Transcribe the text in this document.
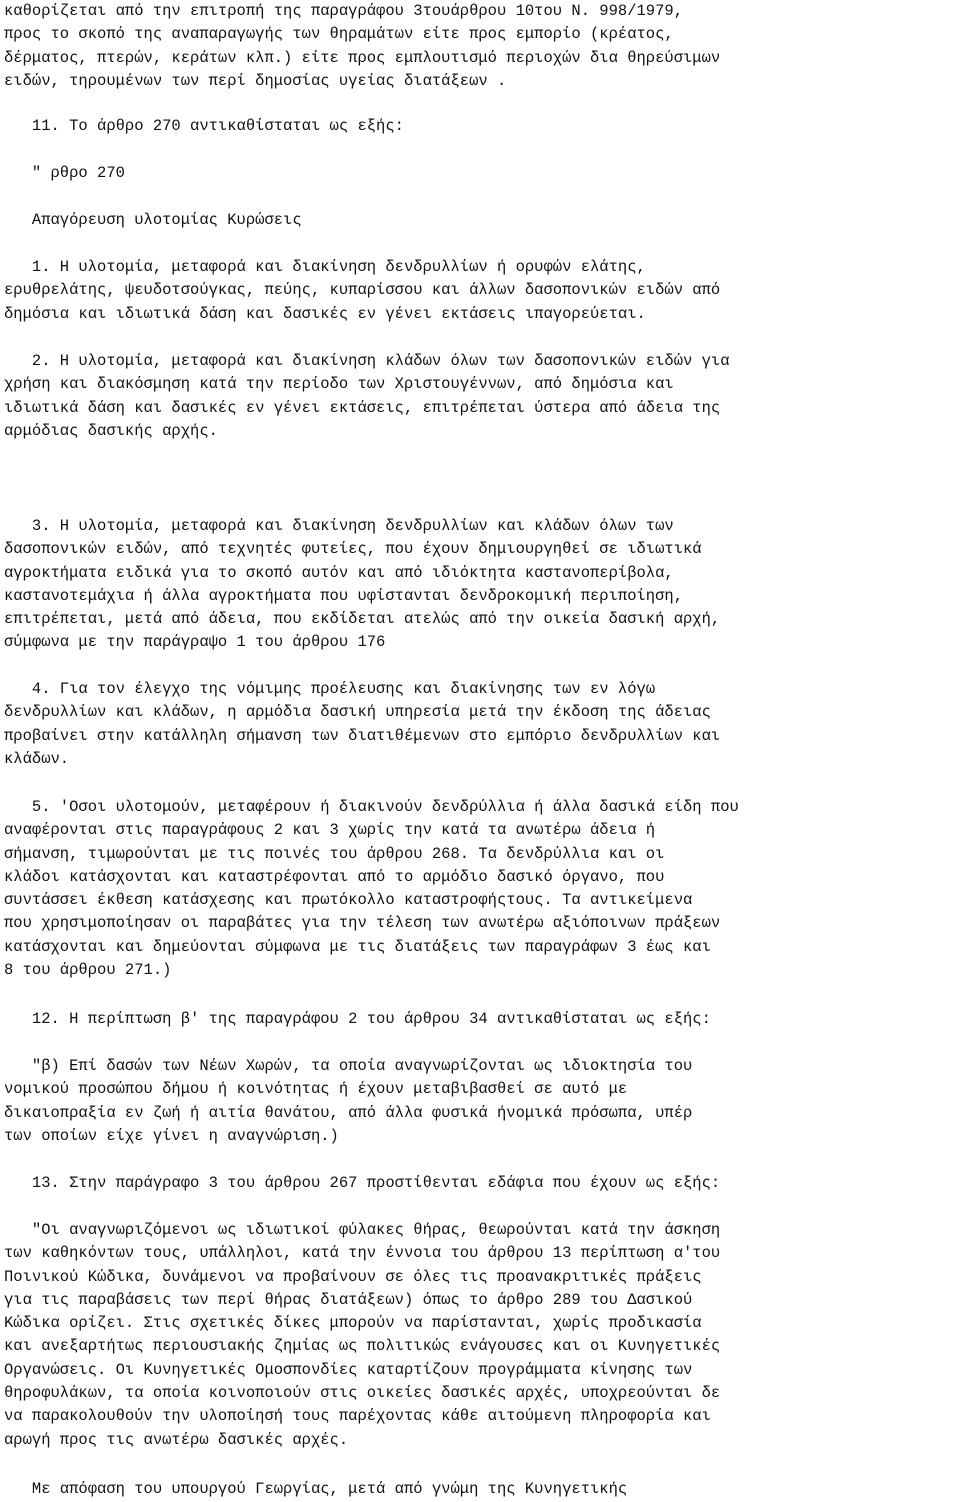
καθορίζεται από την επιτροπή της παραγράφου 3τουάρθρου 10του Ν. 998/1979,
προς το σκοπό της αναπαραγωγής των θηραμάτων είτε προς εμπορίο (κρέατος,
δέρματος, πτερών, κεράτων κλπ.) είτε προς εμπλουτισμό περιοχών δια θηρεύσιμων
ειδών, τηρουμένων των περί δημοσίας υγείας διατάξεων .

11. Το άρθρο 270 αντικαθίσταται ως εξής:

" ρθρο 270

Απαγόρευση υλοτομίας Κυρώσεις

1. Η υλοτομία, μεταφορά και διακίνηση δενδρυλλίων ή ορυφών ελάτης,
ερυθρελάτης, ψευδοτσούγκας, πεύης, κυπαρίσσου και άλλων δασοπονικών ειδών από
δημόσια και ιδιωτικά δάση και δασικές εν γένει εκτάσεις ιπαγορεύεται.

2. Η υλοτομία, μεταφορά και διακίνηση κλάδων όλων των δασοπονικών ειδών για
χρήση και διακόσμηση κατά την περίοδο των Χριστουγέννων, από δημόσια και
ιδιωτικά δάση και δασικές εν γένει εκτάσεις, επιτρέπεται ύστερα από άδεια της
αρμόδιας δασικής αρχής.

3. Η υλοτομία, μεταφορά και διακίνηση δενδρυλλίων και κλάδων όλων των
δασοπονικών ειδών, από τεχνητές φυτείες, που έχουν δημιουργηθεί σε ιδιωτικά
αγροκτήματα ειδικά για το σκοπό αυτόν και από ιδιόκτητα καστανοπερίβολα,
καστανοτεμάχια ή άλλα αγροκτήματα που υφίστανται δενδροκομική περιποίηση,
επιτρέπεται, μετά από άδεια, που εκδίδεται ατελώς από την οικεία δασική αρχή,
σύμφωνα με την παράγραψο 1 του άρθρου 176

4. Για τον έλεγχο της νόμιμης προέλευσης και διακίνησης των εν λόγω
δενδρυλλίων και κλάδων, η αρμόδια δασική υπηρεσία μετά την έκδοση της άδειας
προβαίνει στην κατάλληλη σήμανση των διατιθέμενων στο εμπόριο δενδρυλλίων και
κλάδων.

5. 'Οσοι υλοτομούν, μεταφέρουν ή διακινούν δενδρύλλια ή άλλα δασικά είδη που
αναφέρονται στις παραγράφους 2 και 3 χωρίς την κατά τα ανωτέρω άδεια ή
σήμανση, τιμωρούνται με τις ποινές του άρθρου 268. Τα δενδρύλλια και οι
κλάδοι κατάσχονται και καταστρέφονται από το αρμόδιο δασικό όργανο, που
συντάσσει έκθεση κατάσχεσης και πρωτόκολλο καταστροφήςτους. Τα αντικείμενα
που χρησιμοποίησαν οι παραβάτες για την τέλεση των ανωτέρω αξιόποινων πράξεων
κατάσχονται και δημεύονται σύμφωνα με τις διατάξεις των παραγράφων 3 έως και
8 του άρθρου 271.)

12. Η περίπτωση β' της παραγράφου 2 του άρθρου 34 αντικαθίσταται ως εξής:

"β) Επί δασών των Νέων Χωρών, τα οποία αναγνωρίζονται ως ιδιοκτησία του
νομικού προσώπου δήμου ή κοινότητας ή έχουν μεταβιβασθεί σε αυτό με
δικαιοπραξία εν ζωή ή αιτία θανάτου, από άλλα φυσικά ήνομικά πρόσωπα, υπέρ
των οποίων είχε γίνει η αναγνώριση.)

13. Στην παράγραφο 3 του άρθρου 267 προστίθενται εδάφια που έχουν ως εξής:

"Οι αναγνωριζόμενοι ως ιδιωτικοί φύλακες θήρας, θεωρούνται κατά την άσκηση
των καθηκόντων τους, υπάλληλοι, κατά την έννοια του άρθρου 13 περίπτωση α'του
Ποινικού Κώδικα, δυνάμενοι να προβαίνουν σε όλες τις προανακριτικές πράξεις
για τις παραβάσεις των περί θήρας διατάξεων) όπως το άρθρο 289 του Δασικού
Κώδικα ορίζει. Στις σχετικές δίκες μπορούν να παρίστανται, χωρίς προδικασία
και ανεξαρτήτως περιουσιακής ζημίας ως πολιτικώς ενάγουσες και οι Κυνηγετικές
Οργανώσεις. Οι Κυνηγετικές Ομοσπονδίες καταρτίζουν προγράμματα κίνησης των
θηροφυλάκων, τα οποία κοινοποιούν στις οικείες δασικές αρχές, υποχρεούνται δε
να παρακολουθούν την υλοποίησή τους παρέχοντας κάθε αιτούμενη πληροφορία και
αρωγή προς τις ανωτέρω δασικές αρχές.

Με απόφαση του υπουργού Γεωργίας, μετά από γνώμη της Κυνηγετικής
